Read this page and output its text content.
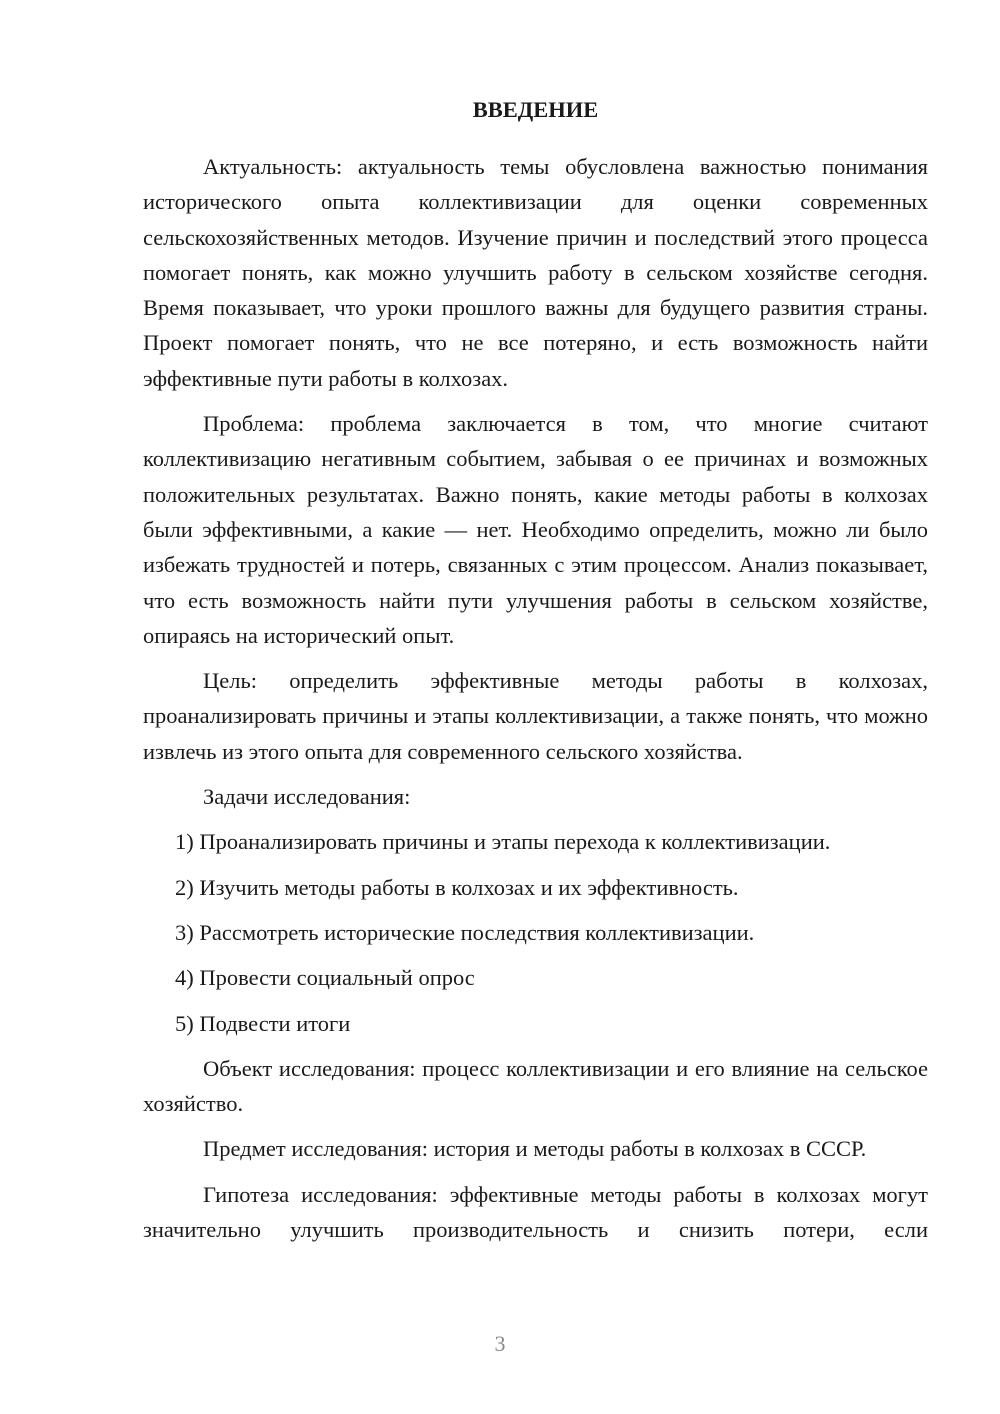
ВВЕДЕНИЕ

Актуальность: актуальность темы обусловлена важностью понимания исторического опыта коллективизации для оценки современных сельскохозяйственных методов. Изучение причин и последствий этого процесса помогает понять, как можно улучшить работу в сельском хозяйстве сегодня. Время показывает, что уроки прошлого важны для будущего развития страны. Проект помогает понять, что не все потеряно, и есть возможность найти эффективные пути работы в колхозах.

Проблема: проблема заключается в том, что многие считают коллективизацию негативным событием, забывая о ее причинах и возможных положительных результатах. Важно понять, какие методы работы в колхозах были эффективными, а какие — нет. Необходимо определить, можно ли было избежать трудностей и потерь, связанных с этим процессом. Анализ показывает, что есть возможность найти пути улучшения работы в сельском хозяйстве, опираясь на исторический опыт.

Цель: определить эффективные методы работы в колхозах, проанализировать причины и этапы коллективизации, а также понять, что можно извлечь из этого опыта для современного сельского хозяйства.

Задачи исследования:

1) Проанализировать причины и этапы перехода к коллективизации.
2) Изучить методы работы в колхозах и их эффективность.
3) Рассмотреть исторические последствия коллективизации.
4) Провести социальный опрос
5) Подвести итоги

Объект исследования: процесс коллективизации и его влияние на сельское хозяйство.

Предмет исследования: история и методы работы в колхозах в СССР.

Гипотеза исследования: эффективные методы работы в колхозах могут значительно улучшить производительность и снизить потери, если

3
